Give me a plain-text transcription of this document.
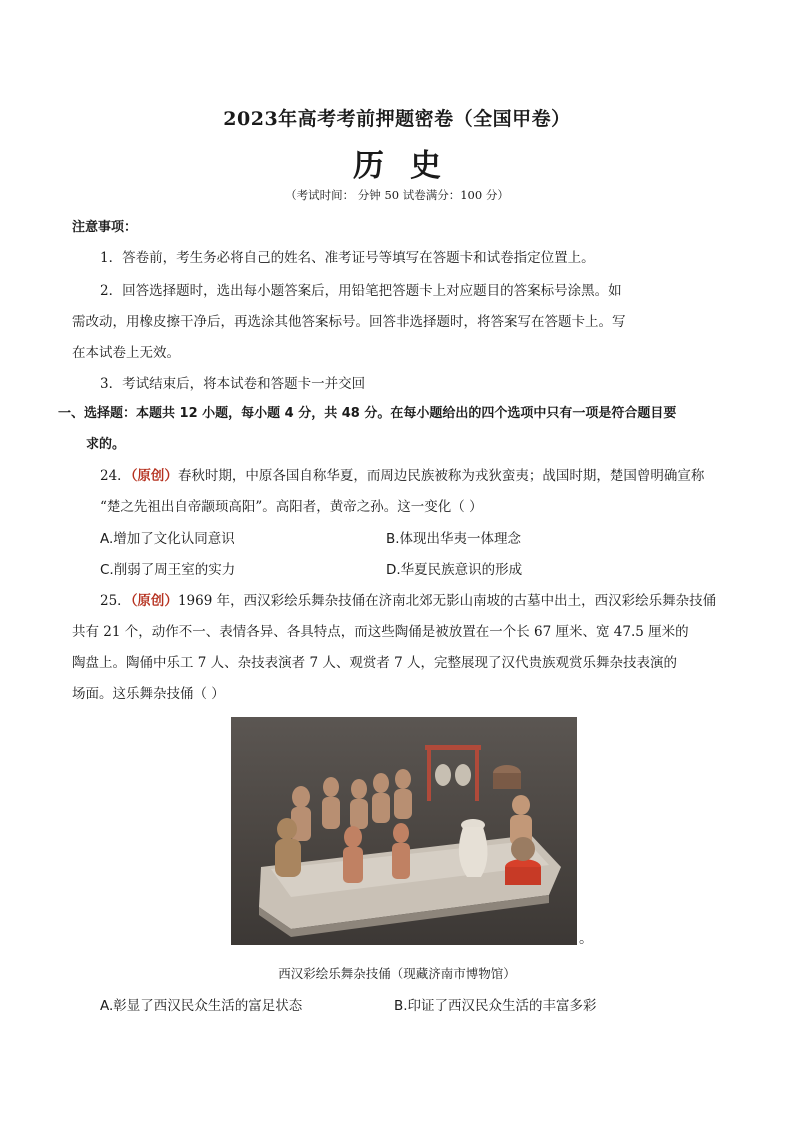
2023年高考考前押题密卷（全国甲卷）
历史
（考试时间： 分钟 50 试卷满分：100 分）
注意事项：
1．答卷前，考生务必将自己的姓名、准考证号等填写在答题卡和试卷指定位置上。
2．回答选择题时，选出每小题答案后，用铅笔把答题卡上对应题目的答案标号涂黑。如
需改动，用橡皮擦干净后，再选涂其他答案标号。回答非选择题时，将答案写在答题卡上。写
在本试卷上无效。
3．考试结束后，将本试卷和答题卡一并交回
一、选择题：本题共 12 小题，每小题 4 分，共 48 分。在每小题给出的四个选项中只有一项是符合题目要
求的。
24．（原创）春秋时期，中原各国自称华夏，而周边民族被称为戎狄蛮夷；战国时期，楚国曾明确宣称
“楚之先祖出自帝颛顼高阳”。高阳者，黄帝之孙。这一变化（ ）
A.增加了文化认同意识	B.体现出华夷一体理念
C.削弱了周王室的实力	D.华夏民族意识的形成
25．（原创）1969 年，西汉彩绘乐舞杂技俑在济南北郊无影山南坡的古墓中出土，西汉彩绘乐舞杂技俑
共有 21 个，动作不一、表情各异、各具特点，而这些陶俑是被放置在一个长 67 厘米、宽 47.5 厘米的
陶盘上。陶俑中乐工 7 人、杂技表演者 7 人、观赏者 7 人，完整展现了汉代贵族观赏乐舞杂技表演的
场面。这乐舞杂技俑（ ）
。
西汉彩绘乐舞杂技俑（现藏济南市博物馆）
A.彰显了西汉民众生活的富足状态	B.印证了西汉民众生活的丰富多彩
